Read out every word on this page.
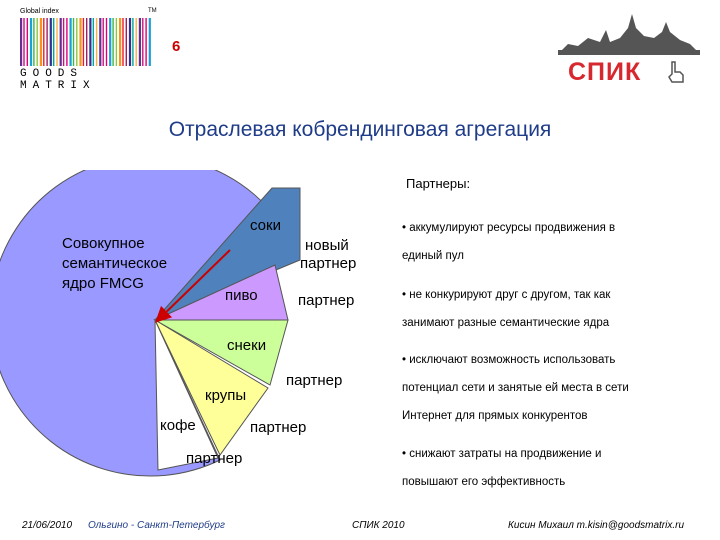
Global index	TM
GOODS MATRIX
6
СПИК
Отраслевая кобрендинговая агрегация
Совокупное
семантическое
ядро FMCG
соки
пиво
снеки
крупы
кофе
новый
партнер
партнер
партнер
партнер
партнер
Партнеры:
• аккумулируют ресурсы продвижения в
единый пул
• не конкурируют друг с другом, так как
занимают разные семантические ядра
• исключают возможность использовать
потенциал сети и занятые ей места в сети
Интернет для прямых конкурентов
• снижают затраты на продвижение и
повышают его эффективность
21/06/2010 Ольгино - Санкт-Петербург	СПИК 2010	Кисин Михаил m.kisin@goodsmatrix.ru
